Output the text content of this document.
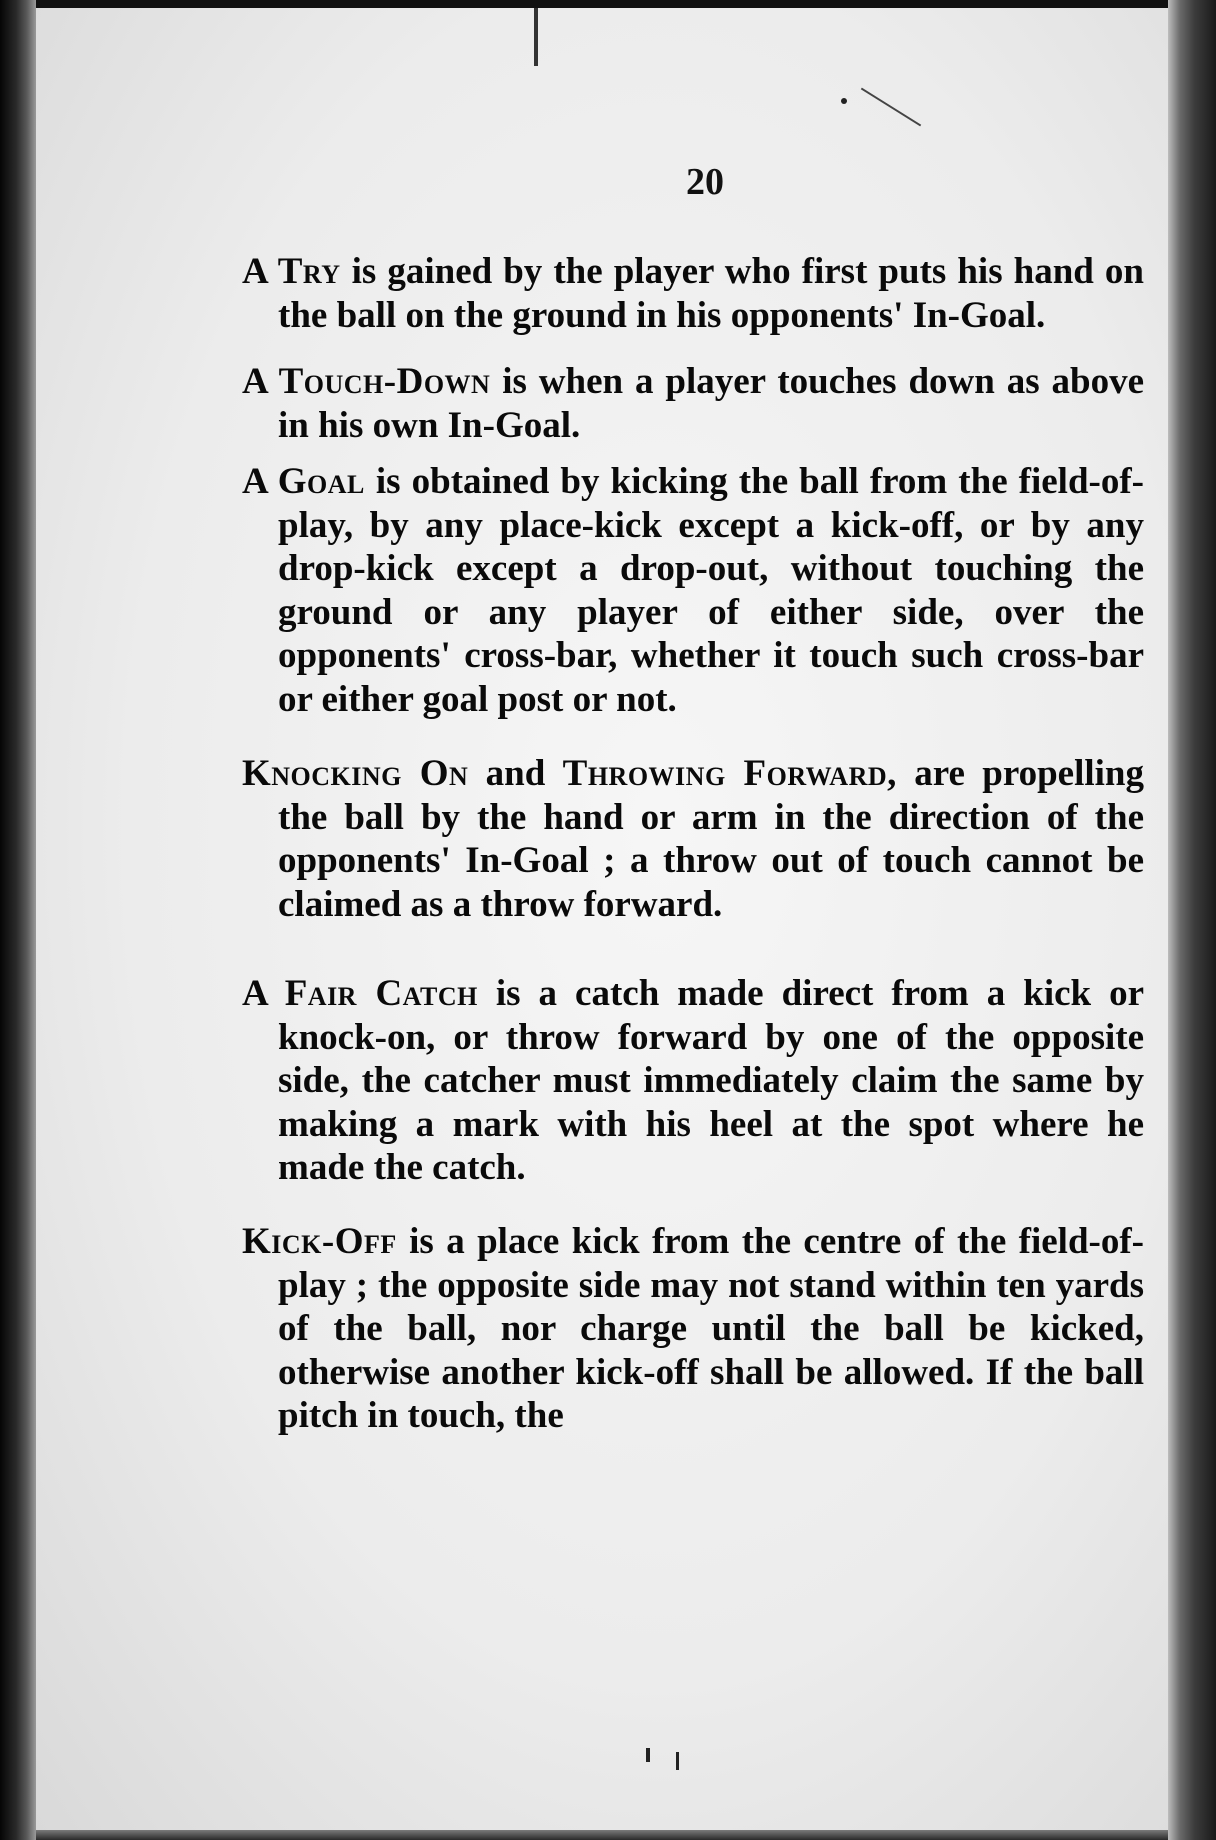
20

A Try is gained by the player who first puts his hand on the ball on the ground in his opponents' In-Goal.

A Touch-Down is when a player touches down as above in his own In-Goal.

A Goal is obtained by kicking the ball from the field-of-play, by any place-kick except a kick-off, or by any drop-kick except a drop-out, without touching the ground or any player of either side, over the opponents' cross-bar, whether it touch such cross-bar or either goal post or not.

Knocking On and Throwing Forward, are propelling the ball by the hand or arm in the direction of the opponents' In-Goal ; a throw out of touch cannot be claimed as a throw forward.

A Fair Catch is a catch made direct from a kick or knock-on, or throw forward by one of the opposite side, the catcher must immediately claim the same by making a mark with his heel at the spot where he made the catch.

Kick-Off is a place kick from the centre of the field-of-play ; the opposite side may not stand within ten yards of the ball, nor charge until the ball be kicked, otherwise another kick-off shall be allowed. If the ball pitch in touch, the
